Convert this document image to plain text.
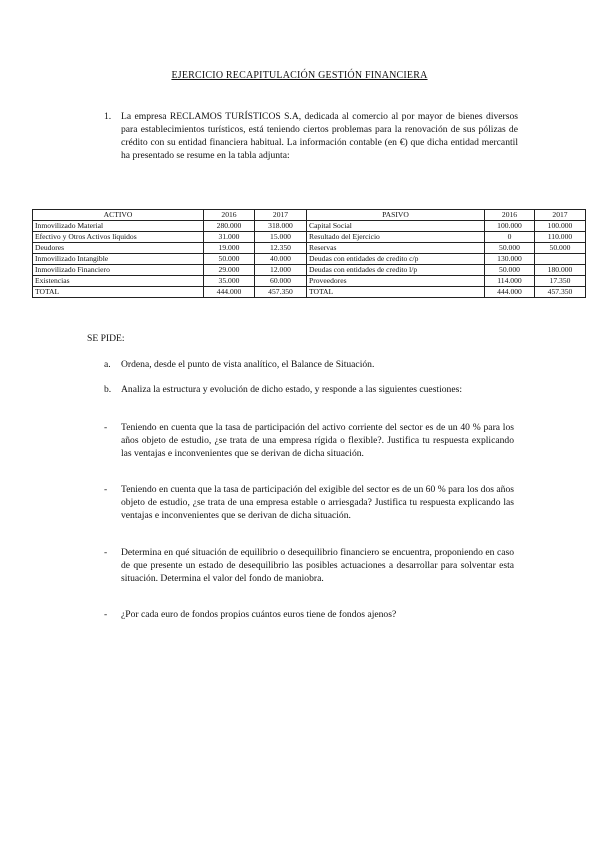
EJERCICIO RECAPITULACIÓN GESTIÓN FINANCIERA
1. La empresa RECLAMOS TURÍSTICOS S.A, dedicada al comercio al por mayor de bienes diversos para establecimientos turísticos, está teniendo ciertos problemas para la renovación de sus pólizas de crédito con su entidad financiera habitual. La información contable (en €) que dicha entidad mercantil ha presentado se resume en la tabla adjunta:
ACTIVO	2016	2017	PASIVO	2016	2017
Inmovilizado Material	280.000	318.000	Capital Social	100.000	100.000
Efectivo y Otros Activos líquidos	31.000	15.000	Resultado del Ejercicio	0	110.000
Deudores	19.000	12.350	Reservas	50.000	50.000
Inmovilizado Intangible	50.000	40.000	Deudas con entidades de credito c/p	130.000	
Inmovilizado Financiero	29.000	12.000	Deudas con entidades de credito l/p	50.000	180.000
Existencias	35.000	60.000	Proveedores	114.000	17.350
TOTAL	444.000	457.350	TOTAL	444.000	457.350
SE PIDE:
a. Ordena, desde el punto de vista analítico, el Balance de Situación.
b. Analiza la estructura y evolución de dicho estado, y responde a las siguientes cuestiones:
- Teniendo en cuenta que la tasa de participación del activo corriente del sector es de un 40 % para los años objeto de estudio, ¿se trata de una empresa rígida o flexible?. Justifica tu respuesta explicando las ventajas e inconvenientes que se derivan de dicha situación.
- Teniendo en cuenta que la tasa de participación del exigible del sector es de un 60 % para los dos años objeto de estudio, ¿se trata de una empresa estable o arriesgada? Justifica tu respuesta explicando las ventajas e inconvenientes que se derivan de dicha situación.
- Determina en qué situación de equilibrio o desequilibrio financiero se encuentra, proponiendo en caso de que presente un estado de desequilibrio las posibles actuaciones a desarrollar para solventar esta situación. Determina el valor del fondo de maniobra.
- ¿Por cada euro de fondos propios cuántos euros tiene de fondos ajenos?
